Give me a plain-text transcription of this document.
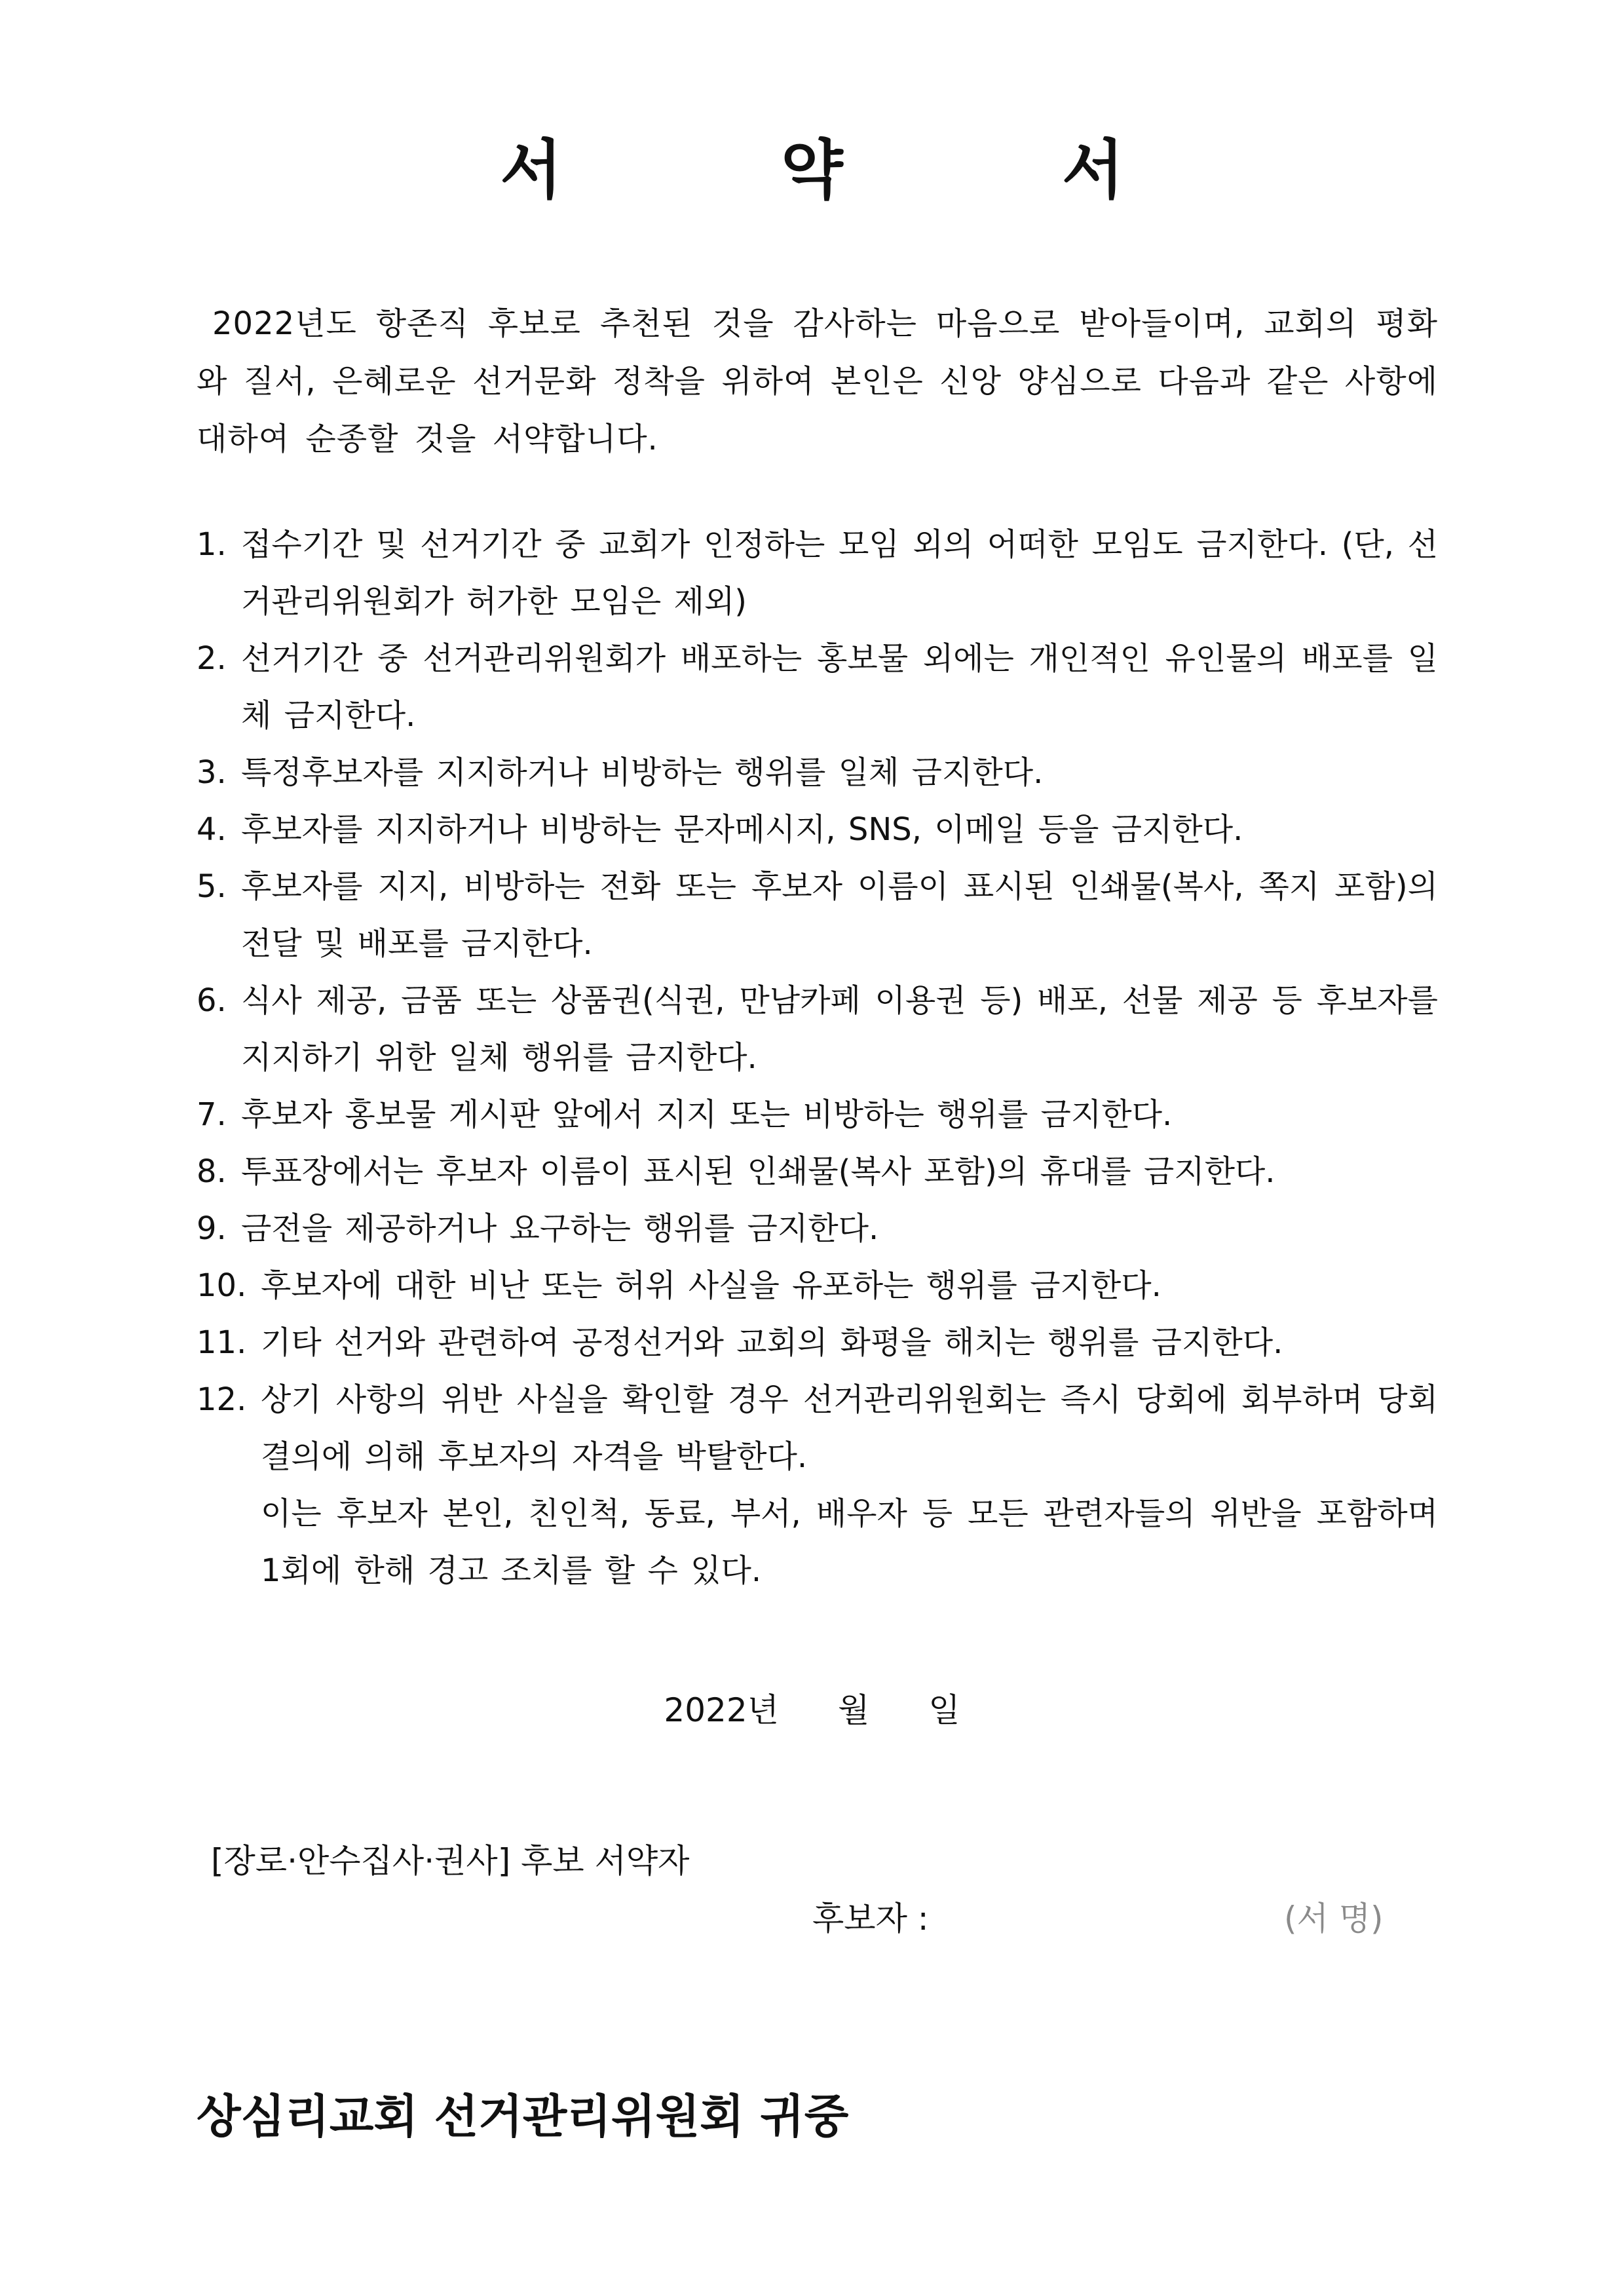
서 약 서
2022년도 항존직 후보로 추천된 것을 감사하는 마음으로 받아들이며, 교회의 평화와 질서, 은혜로운 선거문화 정착을 위하여 본인은 신앙 양심으로 다음과 같은 사항에 대하여 순종할 것을 서약합니다.
1. 접수기간 및 선거기간 중 교회가 인정하는 모임 외의 어떠한 모임도 금지한다. (단, 선거관리위원회가 허가한 모임은 제외)
2. 선거기간 중 선거관리위원회가 배포하는 홍보물 외에는 개인적인 유인물의 배포를 일체 금지한다.
3. 특정후보자를 지지하거나 비방하는 행위를 일체 금지한다.
4. 후보자를 지지하거나 비방하는 문자메시지, SNS, 이메일 등을 금지한다.
5. 후보자를 지지, 비방하는 전화 또는 후보자 이름이 표시된 인쇄물(복사, 쪽지 포함)의 전달 및 배포를 금지한다.
6. 식사 제공, 금품 또는 상품권(식권, 만남카페 이용권 등) 배포, 선물 제공 등 후보자를 지지하기 위한 일체 행위를 금지한다.
7. 후보자 홍보물 게시판 앞에서 지지 또는 비방하는 행위를 금지한다.
8. 투표장에서는 후보자 이름이 표시된 인쇄물(복사 포함)의 휴대를 금지한다.
9. 금전을 제공하거나 요구하는 행위를 금지한다.
10. 후보자에 대한 비난 또는 허위 사실을 유포하는 행위를 금지한다.
11. 기타 선거와 관련하여 공정선거와 교회의 화평을 해치는 행위를 금지한다.
12. 상기 사항의 위반 사실을 확인할 경우 선거관리위원회는 즉시 당회에 회부하며 당회 결의에 의해 후보자의 자격을 박탈한다.
이는 후보자 본인, 친인척, 동료, 부서, 배우자 등 모든 관련자들의 위반을 포함하며 1회에 한해 경고 조치를 할 수 있다.
2022년 월 일
[장로·안수집사·권사] 후보 서약자
후보자 :	(서 명)
상심리교회 선거관리위원회 귀중
